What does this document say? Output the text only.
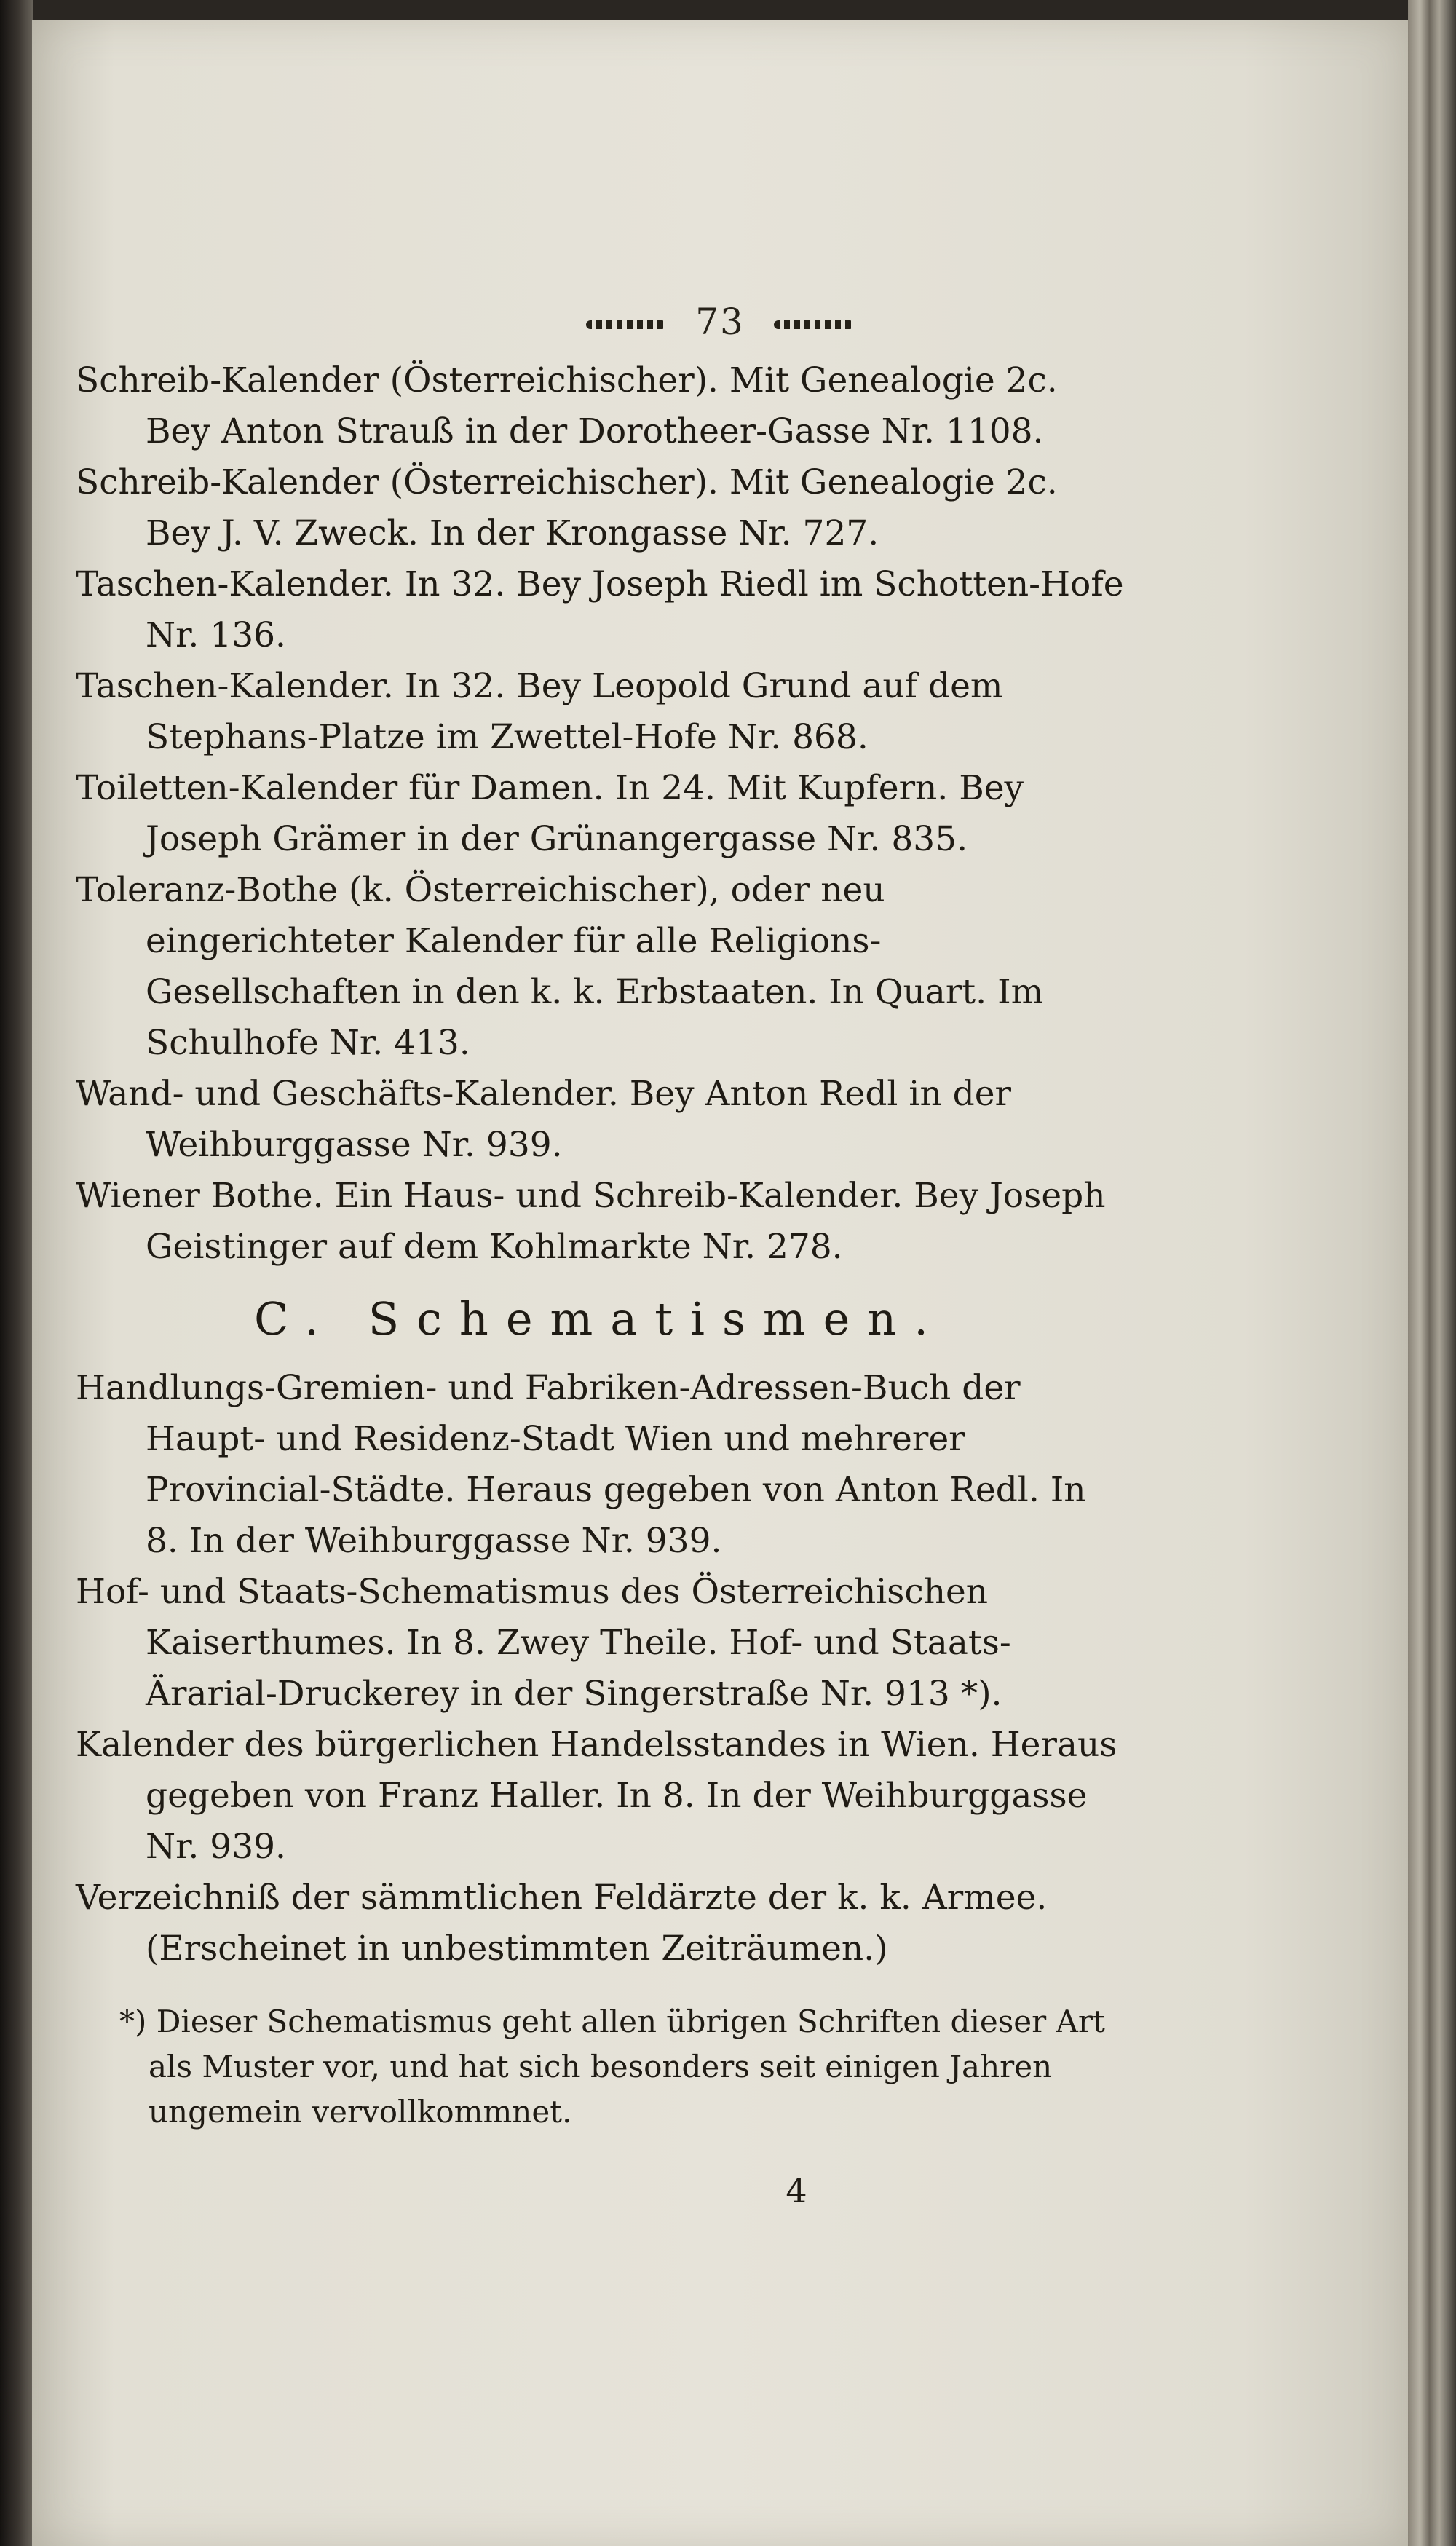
73

Schreib-Kalender (Österreichischer). Mit Genealogie 2c. Bey Anton Strauß in der Dorotheer-Gasse Nr. 1108.

Schreib-Kalender (Österreichischer). Mit Genealogie 2c. Bey J. V. Zweck. In der Krongasse Nr. 727.

Taschen-Kalender. In 32. Bey Joseph Riedl im Schotten-Hofe Nr. 136.

Taschen-Kalender. In 32. Bey Leopold Grund auf dem Stephans-Platze im Zwettel-Hofe Nr. 868.

Toiletten-Kalender für Damen. In 24. Mit Kupfern. Bey Joseph Grämer in der Grünangergasse Nr. 835.

Toleranz-Bothe (k. Österreichischer), oder neu eingerichteter Kalender für alle Religions-Gesellschaften in den k. k. Erbstaaten. In Quart. Im Schulhofe Nr. 413.

Wand- und Geschäfts-Kalender. Bey Anton Redl in der Weihburggasse Nr. 939.

Wiener Bothe. Ein Haus- und Schreib-Kalender. Bey Joseph Geistinger auf dem Kohlmarkte Nr. 278.

C. Schematismen.

Handlungs-Gremien- und Fabriken-Adressen-Buch der Haupt- und Residenz-Stadt Wien und mehrerer Provincial-Städte. Heraus gegeben von Anton Redl. In 8. In der Weihburggasse Nr. 939.

Hof- und Staats-Schematismus des Österreichischen Kaiserthumes. In 8. Zwey Theile. Hof- und Staats-Ärarial-Druckerey in der Singerstraße Nr. 913 *).

Kalender des bürgerlichen Handelsstandes in Wien. Heraus gegeben von Franz Haller. In 8. In der Weihburggasse Nr. 939.

Verzeichniß der sämmtlichen Feldärzte der k. k. Armee. (Erscheinet in unbestimmten Zeiträumen.)

*) Dieser Schematismus geht allen übrigen Schriften dieser Art als Muster vor, und hat sich besonders seit einigen Jahren ungemein vervollkommnet.

4
